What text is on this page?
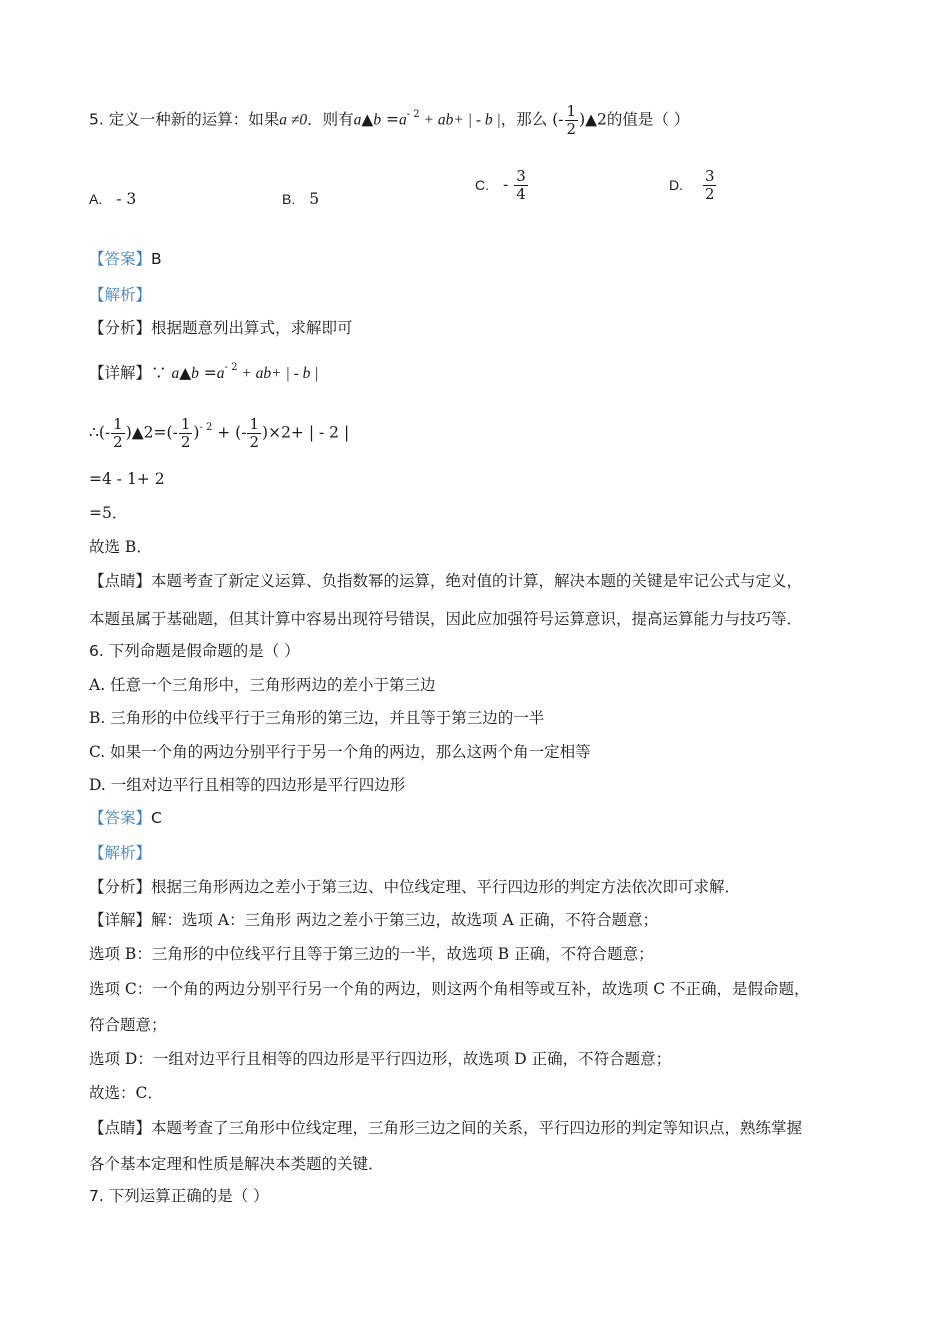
5. 定义一种新的运算：如果a ≠0．则有a▲b $=a^{- 2} + ab+$ | - b |，那么 (- $\frac{1}{2}$ )▲2的值是（ ）
A. - 3	B. 5
C. - $\frac{3}{4}$	D. $\frac{3}{2}$
【答案】B
【解析】
【分析】根据题意列出算式，求解即可
【详解】∵ a▲b $=a^{- 2} + ab+$ | - b |
∴(- $\frac{1}{2}$ )▲2=(- $\frac{1}{2} )^{- 2}$ + (- $\frac{1}{2} )\times 2+$ | - 2 |
=4 - 1+ 2
=5．
故选 B．
【点睛】本题考查了新定义运算、负指数幂的运算，绝对值的计算，解决本题的关键是牢记公式与定义，
本题虽属于基础题，但其计算中容易出现符号错误，因此应加强符号运算意识，提高运算能力与技巧等．
6. 下列命题是假命题的是（ ）
A. 任意一个三角形中，三角形两边的差小于第三边
B. 三角形的中位线平行于三角形的第三边，并且等于第三边的一半
C. 如果一个角的两边分别平行于另一个角的两边，那么这两个角一定相等
D. 一组对边平行且相等的四边形是平行四边形
【答案】C
【解析】
【分析】根据三角形两边之差小于第三边、中位线定理、平行四边形的判定方法依次即可求解．
【详解】解：选项 A：三角形 两边之差小于第三边，故选项 A 正确，不符合题意；
选项 B：三角形的中位线平行且等于第三边的一半，故选项 B 正确，不符合题意；
选项 C：一个角的两边分别平行另一个角的两边，则这两个角相等或互补，故选项 C 不正确，是假命题，
符合题意；
选项 D：一组对边平行且相等的四边形是平行四边形，故选项 D 正确，不符合题意；
故选：C．
【点睛】本题考查了三角形中位线定理，三角形三边之间的关系，平行四边形的判定等知识点，熟练掌握
各个基本定理和性质是解决本类题的关键．
7. 下列运算正确的是（ ）
